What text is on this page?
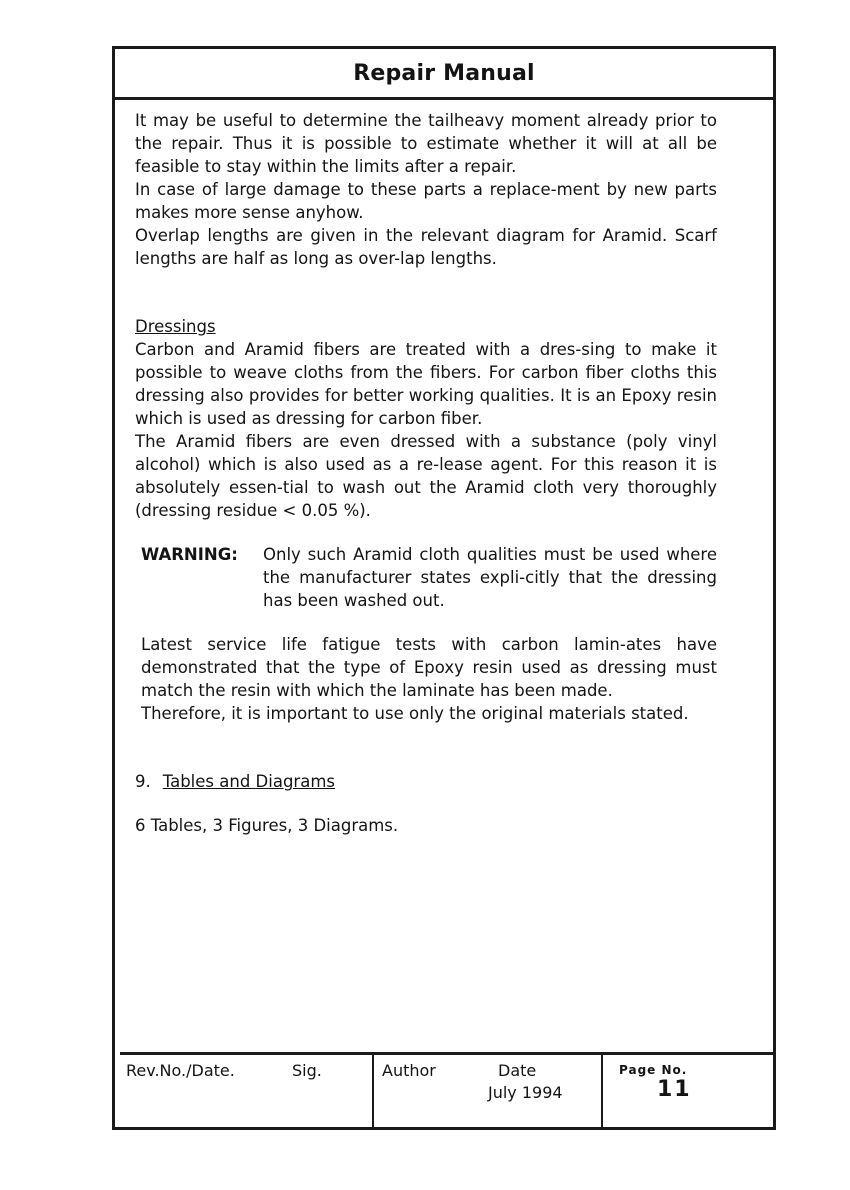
Repair Manual

It may be useful to determine the tailheavy moment already prior to the repair. Thus it is possible to estimate whether it will at all be feasible to stay within the limits after a repair.

In case of large damage to these parts a replace-ment by new parts makes more sense anyhow.

Overlap lengths are given in the relevant diagram for Aramid. Scarf lengths are half as long as over-lap lengths.

Dressings

Carbon and Aramid fibers are treated with a dres-sing to make it possible to weave cloths from the fibers. For carbon fiber cloths this dressing also provides for better working qualities. It is an Epoxy resin which is used as dressing for carbon fiber.

The Aramid fibers are even dressed with a substance (poly vinyl alcohol) which is also used as a re-lease agent. For this reason it is absolutely essen-tial to wash out the Aramid cloth very thoroughly (dressing residue < 0.05 %).

WARNING:	Only such Aramid cloth qualities must be used where the manufacturer states expli-citly that the dressing has been washed out.

Latest service life fatigue tests with carbon lamin-ates have demonstrated that the type of Epoxy resin used as dressing must match the resin with which the laminate has been made.

Therefore, it is important to use only the original materials stated.

9. Tables and Diagrams

6 Tables, 3 Figures, 3 Diagrams.

Rev.No./Date.	Sig.	Author	Date
July 1994
Page No.
11
